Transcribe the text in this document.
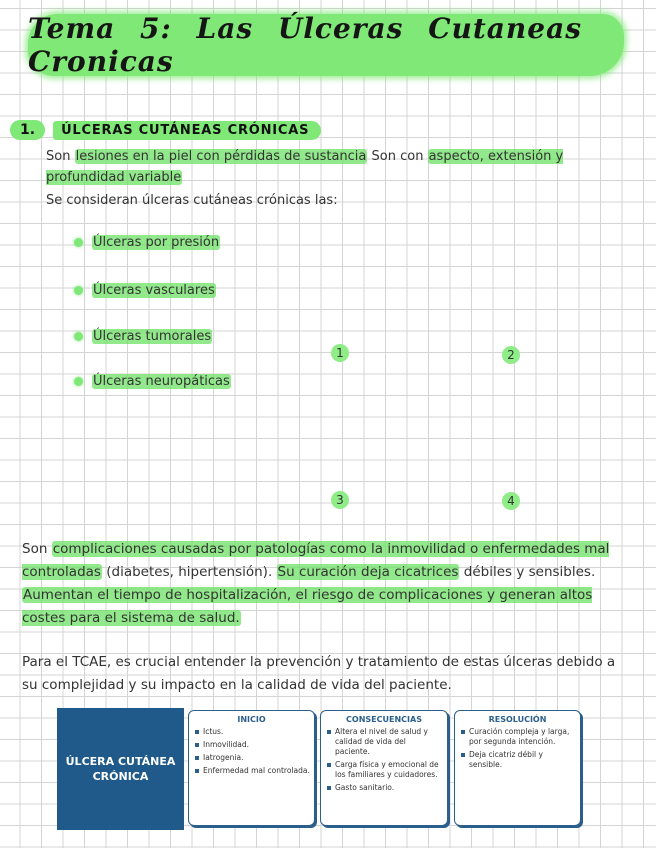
Tema 5: Las Úlceras Cutaneas Cronicas
1.	ÚLCERAS CUTÁNEAS CRÓNICAS
Son lesiones en la piel con pérdidas de sustancia Son con aspecto, extensión y profundidad variable
Se consideran úlceras cutáneas crónicas las:
Úlceras por presión
Úlceras vasculares
Úlceras tumorales
Úlceras neuropáticas
1	2
3	4
Son complicaciones causadas por patologías como la inmovilidad o enfermedades mal controladas (diabetes, hipertensión). Su curación deja cicatrices débiles y sensibles. Aumentan el tiempo de hospitalización, el riesgo de complicaciones y generan altos costes para el sistema de salud.
Para el TCAE, es crucial entender la prevención y tratamiento de estas úlceras debido a su complejidad y su impacto en la calidad de vida del paciente.
ÚLCERA CUTÁNEA CRÓNICA
INICIO
Ictus.
Inmovilidad.
Iatrogenia.
Enfermedad mal controlada.
CONSECUENCIAS
Altera el nivel de salud y calidad de vida del paciente.
Carga física y emocional de los familiares y cuidadores.
Gasto sanitario.
RESOLUCIÓN
Curación compleja y larga, por segunda intención.
Deja cicatriz débil y sensible.
